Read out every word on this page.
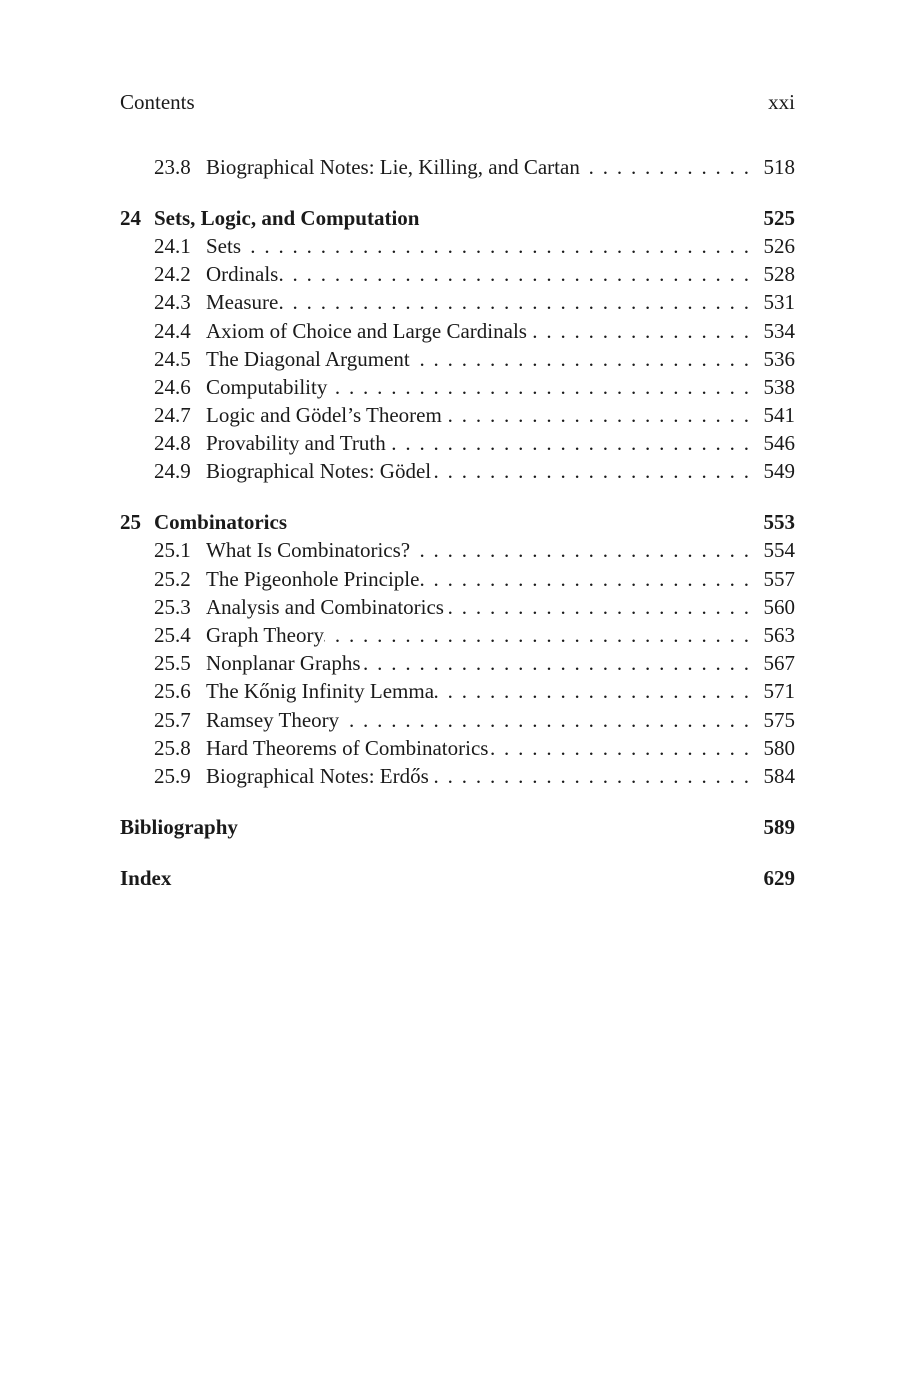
Contents	xxi
23.8 Biographical Notes: Lie, Killing, and Cartan . . .	518
24 Sets, Logic, and Computation	525
24.1 Sets . . .	526
24.2 Ordinals . . .	528
24.3 Measure . . .	531
24.4 Axiom of Choice and Large Cardinals . . .	534
24.5 The Diagonal Argument . . .	536
24.6 Computability . . .	538
24.7 Logic and Gödel’s Theorem . . .	541
24.8 Provability and Truth . . .	546
24.9 Biographical Notes: Gödel . . .	549
25 Combinatorics	553
25.1 What Is Combinatorics? . . .	554
25.2 The Pigeonhole Principle . . .	557
25.3 Analysis and Combinatorics . . .	560
25.4 Graph Theory . . .	563
25.5 Nonplanar Graphs . . .	567
25.6 The Kőnig Infinity Lemma . . .	571
25.7 Ramsey Theory . . .	575
25.8 Hard Theorems of Combinatorics . . .	580
25.9 Biographical Notes: Erdős . . .	584
Bibliography	589
Index	629
